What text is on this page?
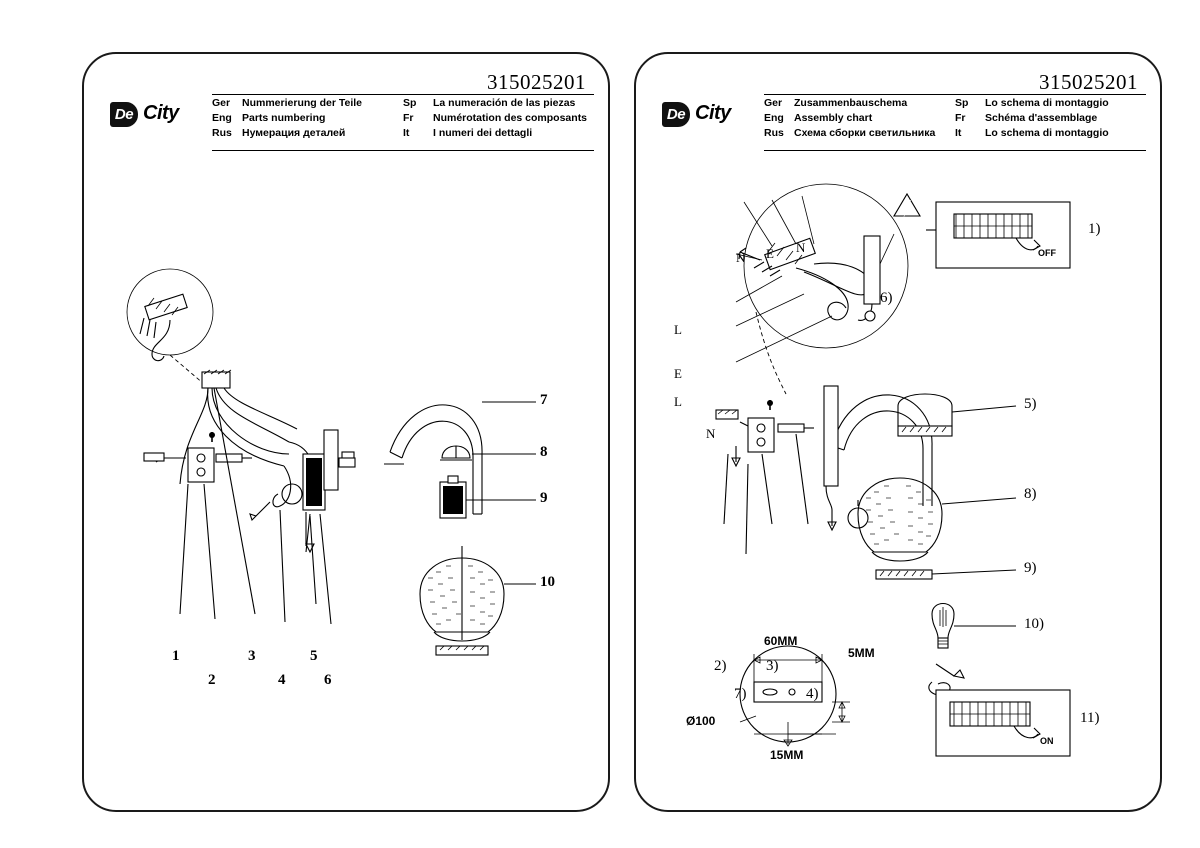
315025201
De City	Ger	Nummerierung der Teile	Sp	La numeración de las piezas
Eng Parts numbering	Fr	Numérotation des composants
Rus Нумерация деталей	It	I numeri dei dettagli
1
2
3
4
5
6
7
8
9
10
315025201
De City	Ger	Zusammenbauschema	Sp	Lo schema di montaggio
Eng Assembly chart	Fr	Schéma d'assemblage
Rus Схема сборки светильника It	Lo schema di montaggio
N E N
L
E
L
N
1)
2)	3)
4)
5)
6)
7)
8)
9)
10)
11)
60MM
5MM
15MM
Ø100
OFF
ON
